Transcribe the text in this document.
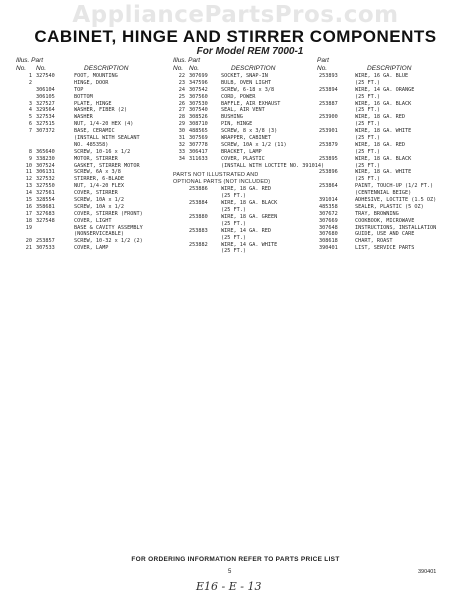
AppliancePartsPros.com
CABINET, HINGE AND STIRRER COMPONENTS
For Model REM 7000-1
Illus. Part
No. No.	DESCRIPTION
1 327540	FOOT, MOUNTING
2	HINGE, DOOR
306104	TOP
306105	BOTTOM
3 327527	PLATE, HINGE
4 329564	WASHER, FIBER (2)
5 327534	WASHER
6 327515	NUT, 1/4-20 HEX (4)
7 307372	BASE, CERAMIC
(INSTALL WITH SEALANT
NO. 485358)
8 365640	SCREW, 10-16 x 1/2
9 338230	MOTOR, STIRRER
10 307524	GASKET, STIRRER MOTOR
11 306131	SCREW, 6A x 3/8
12 327532	STIRRER, 6-BLADE
13 327550	NUT, 1/4-20 FLEX
14 327561	COVER, STIRRER
15 328554	SCREW, 10A x 1/2
16 358681	SCREW, 10A x 1/2
17 327683	COVER, STIRRER (FRONT)
18 327548	COVER, LIGHT
19	BASE & CAVITY ASSEMBLY
(NONSERVICEABLE)
20 253857	SCREW, 10-32 x 1/2 (2)
21 307533	COVER, LAMP
Illus. Part
No. No.	DESCRIPTION
22 307699	SOCKET, SNAP-IN
23 347596	BULB, OVEN LIGHT
24 307542	SCREW, 6-18 x 3/8
25 307560	CORD, POWER
26 307530	BAFFLE, AIR EXHAUST
27 307540	SEAL, AIR VENT
28 308526	BUSHING
29 308710	PIN, HINGE
30 488565	SCREW, 8 x 3/8 (3)
31 307569	WRAPPER, CABINET
32 307778	SCREW, 10A x 1/2 (11)
33 306417	BRACKET, LAMP
34 311633	COVER, PLASTIC
(INSTALL WITH LOCTITE NO. 391014)
PARTS NOT ILLUSTRATED AND
OPTIONAL PARTS (NOT INCLUDED)
253886	WIRE, 18 GA. RED
(25 FT.)
253884	WIRE, 18 GA. BLACK
(25 FT.)
253880	WIRE, 18 GA. GREEN
(25 FT.)
253883	WIRE, 14 GA. RED
(25 FT.)
253882	WIRE, 14 GA. WHITE
(25 FT.)
Part
No.	DESCRIPTION
253893	WIRE, 16 GA. BLUE
(25 FT.)
253894	WIRE, 14 GA. ORANGE
(25 FT.)
253887	WIRE, 16 GA. BLACK
(25 FT.)
253900	WIRE, 18 GA. RED
(25 FT.)
253901	WIRE, 18 GA. WHITE
(25 FT.)
253879	WIRE, 18 GA. RED
(25 FT.)
253895	WIRE, 18 GA. BLACK
(25 FT.)
253896	WIRE, 18 GA. WHITE
(25 FT.)
253864	PAINT, TOUCH-UP (1/2 FT.)
(CENTENNIAL BEIGE)
391014	ADHESIVE, LOCTITE (1.5 OZ)
485358	SEALER, PLASTIC (5 OZ)
307672	TRAY, BROWNING
307669	COOKBOOK, MICROWAVE
307648	INSTRUCTIONS, INSTALLATION
307680	GUIDE, USE AND CARE
308618	CHART, ROAST
390401	LIST, SERVICE PARTS
FOR ORDERING INFORMATION REFER TO PARTS PRICE LIST
5	390401
E16 - E - 13
